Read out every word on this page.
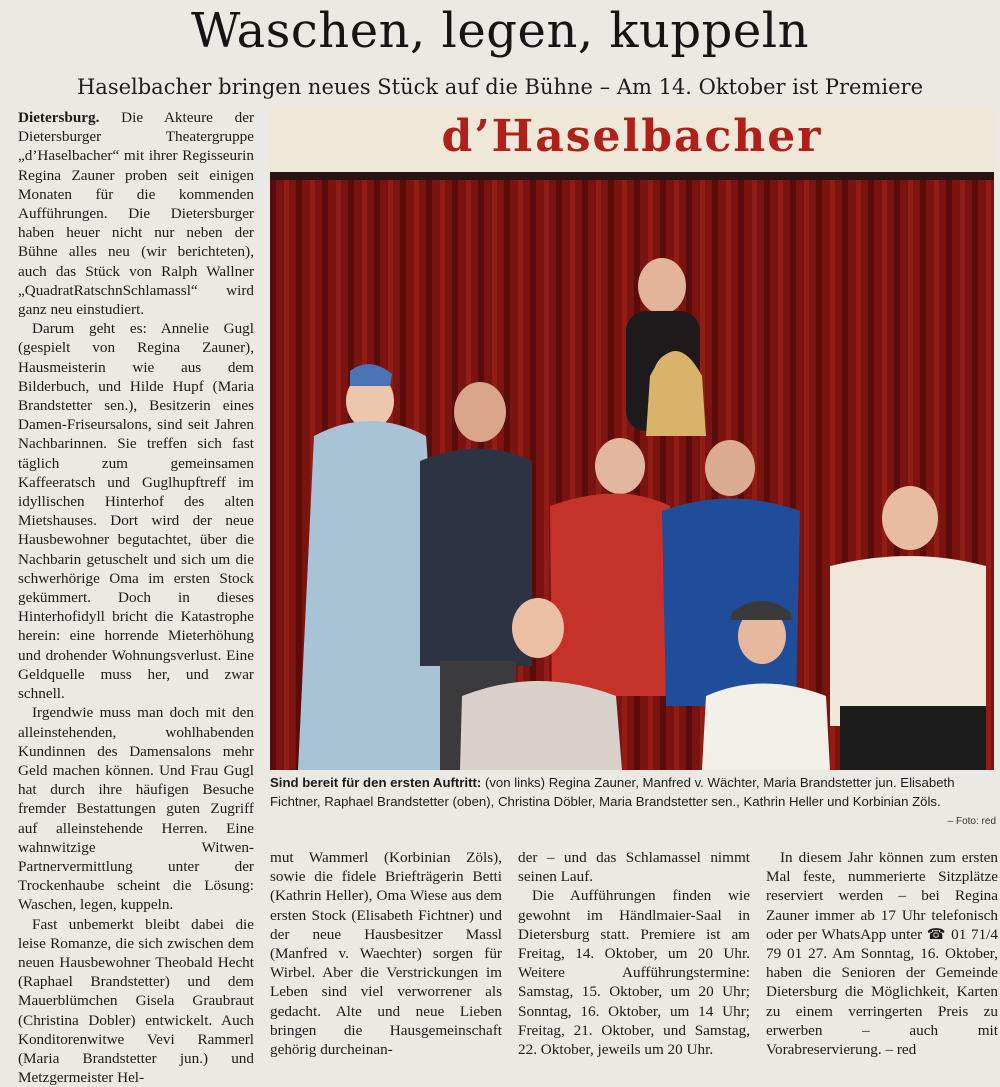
Waschen, legen, kuppeln
Haselbacher bringen neues Stück auf die Bühne – Am 14. Oktober ist Premiere

Dietersburg. Die Akteure der Dietersburger Theatergruppe „d’Haselbacher“ mit ihrer Regisseurin Regina Zauner proben seit einigen Monaten für die kommenden Aufführungen. Die Dietersburger haben heuer nicht nur neben der Bühne alles neu (wir berichteten), auch das Stück von Ralph Wallner „QuadratRatschnSchlamassl“ wird ganz neu einstudiert.

Darum geht es: Annelie Gugl (gespielt von Regina Zauner), Hausmeisterin wie aus dem Bilderbuch, und Hilde Hupf (Maria Brandstetter sen.), Besitzerin eines Damen-Friseursalons, sind seit Jahren Nachbarinnen. Sie treffen sich fast täglich zum gemeinsamen Kaffeeratsch und Guglhupftreff im idyllischen Hinterhof des alten Mietshauses. Dort wird der neue Hausbewohner begutachtet, über die Nachbarin getuschelt und sich um die schwerhörige Oma im ersten Stock gekümmert. Doch in dieses Hinterhofidyll bricht die Katastrophe herein: eine horrende Mieterhöhung und drohender Wohnungsverlust. Eine Geldquelle muss her, und zwar schnell.

Irgendwie muss man doch mit den alleinstehenden, wohlhabenden Kundinnen des Damensalons mehr Geld machen können. Und Frau Gugl hat durch ihre häufigen Besuche fremder Bestattungen guten Zugriff auf alleinstehende Herren. Eine wahnwitzige Witwen-Partnervermittlung unter der Trockenhaube scheint die Lösung: Waschen, legen, kuppeln.

Fast unbemerkt bleibt dabei die leise Romanze, die sich zwischen dem neuen Hausbewohner Theobald Hecht (Raphael Brandstetter) und dem Mauerblümchen Gisela Graubraut (Christina Dobler) entwickelt. Auch Konditorenwitwe Vevi Rammerl (Maria Brandstetter jun.) und Metzgermeister Hel-

d’Haselbacher
Sind bereit für den ersten Auftritt: (von links) Regina Zauner, Manfred v. Wächter, Maria Brandstetter jun. Elisabeth Fichtner, Raphael Brandstetter (oben), Christina Döbler, Maria Brandstetter sen., Kathrin Heller und Korbinian Zöls.
– Foto: red

mut Wammerl (Korbinian Zöls), sowie die fidele Briefträgerin Betti (Kathrin Heller), Oma Wiese aus dem ersten Stock (Elisabeth Fichtner) und der neue Hausbesitzer Massl (Manfred v. Waechter) sorgen für Wirbel. Aber die Verstrickungen im Leben sind viel verworrener als gedacht. Alte und neue Lieben bringen die Hausgemeinschaft gehörig durcheinan-

der – und das Schlamassel nimmt seinen Lauf.

Die Aufführungen finden wie gewohnt im Händlmaier-Saal in Dietersburg statt. Premiere ist am Freitag, 14. Oktober, um 20 Uhr. Weitere Aufführungstermine: Samstag, 15. Oktober, um 20 Uhr; Sonntag, 16. Oktober, um 14 Uhr; Freitag, 21. Oktober, und Samstag, 22. Oktober, jeweils um 20 Uhr.

In diesem Jahr können zum ersten Mal feste, nummerierte Sitzplätze reserviert werden – bei Regina Zauner immer ab 17 Uhr telefonisch oder per WhatsApp unter ☎ 01 71/4 79 01 27. Am Sonntag, 16. Oktober, haben die Senioren der Gemeinde Dietersburg die Möglichkeit, Karten zu einem verringerten Preis zu erwerben – auch mit Vorabreservierung. – red
